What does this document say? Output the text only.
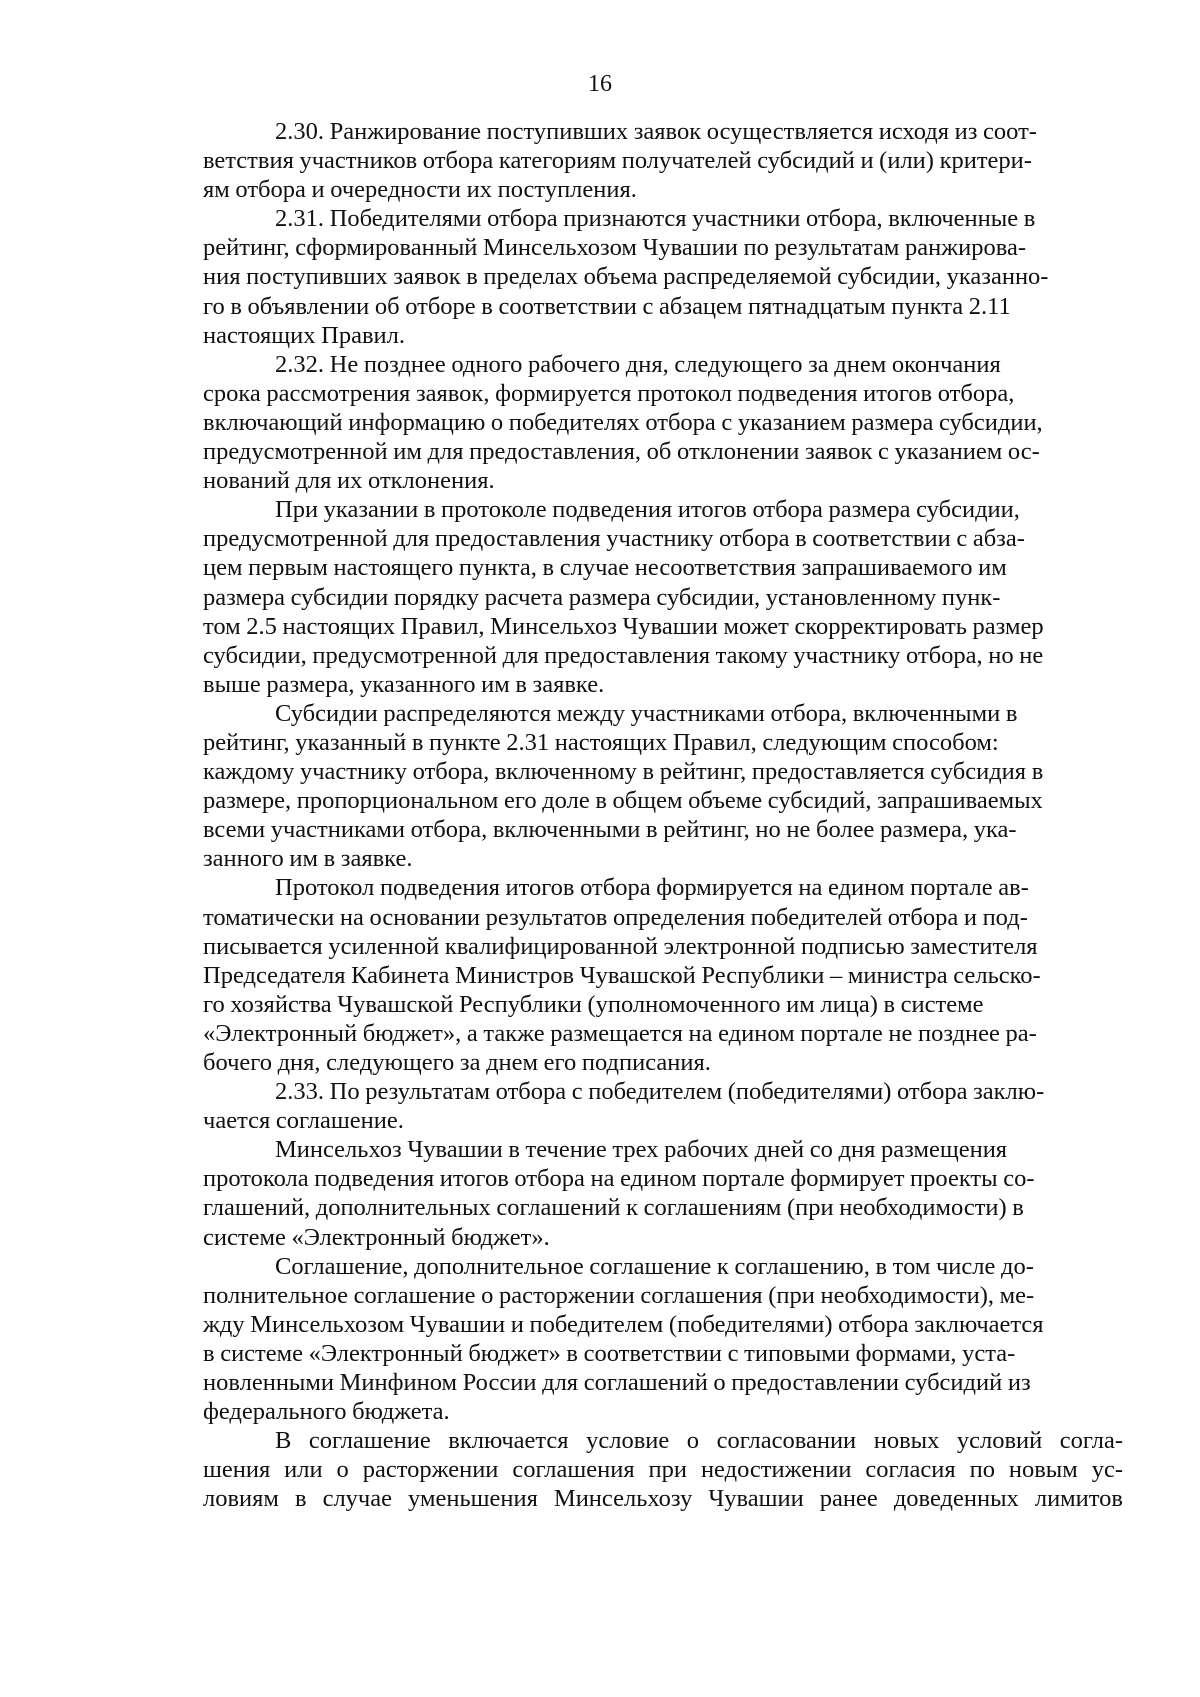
16

2.30. Ранжирование поступивших заявок осуществляется исходя из соот-
ветствия участников отбора категориям получателей субсидий и (или) критери-
ям отбора и очередности их поступления.

2.31. Победителями отбора признаются участники отбора, включенные в
рейтинг, сформированный Минсельхозом Чувашии по результатам ранжирова-
ния поступивших заявок в пределах объема распределяемой субсидии, указанно-
го в объявлении об отборе в соответствии с абзацем пятнадцатым пункта 2.11
настоящих Правил.

2.32. Не позднее одного рабочего дня, следующего за днем окончания
срока рассмотрения заявок, формируется протокол подведения итогов отбора,
включающий информацию о победителях отбора с указанием размера субсидии,
предусмотренной им для предоставления, об отклонении заявок с указанием ос-
нований для их отклонения.

При указании в протоколе подведения итогов отбора размера субсидии,
предусмотренной для предоставления участнику отбора в соответствии с абза-
цем первым настоящего пункта, в случае несоответствия запрашиваемого им
размера субсидии порядку расчета размера субсидии, установленному пунк-
том 2.5 настоящих Правил, Минсельхоз Чувашии может скорректировать размер
субсидии, предусмотренной для предоставления такому участнику отбора, но не
выше размера, указанного им в заявке.

Субсидии распределяются между участниками отбора, включенными в
рейтинг, указанный в пункте 2.31 настоящих Правил, следующим способом:
каждому участнику отбора, включенному в рейтинг, предоставляется субсидия в
размере, пропорциональном его доле в общем объеме субсидий, запрашиваемых
всеми участниками отбора, включенными в рейтинг, но не более размера, ука-
занного им в заявке.

Протокол подведения итогов отбора формируется на едином портале ав-
томатически на основании результатов определения победителей отбора и под-
писывается усиленной квалифицированной электронной подписью заместителя
Председателя Кабинета Министров Чувашской Республики – министра сельско-
го хозяйства Чувашской Республики (уполномоченного им лица) в системе
«Электронный бюджет», а также размещается на едином портале не позднее ра-
бочего дня, следующего за днем его подписания.

2.33. По результатам отбора с победителем (победителями) отбора заклю-
чается соглашение.

Минсельхоз Чувашии в течение трех рабочих дней со дня размещения
протокола подведения итогов отбора на едином портале формирует проекты со-
глашений, дополнительных соглашений к соглашениям (при необходимости) в
системе «Электронный бюджет».

Соглашение, дополнительное соглашение к соглашению, в том числе до-
полнительное соглашение о расторжении соглашения (при необходимости), ме-
жду Минсельхозом Чувашии и победителем (победителями) отбора заключается
в системе «Электронный бюджет» в соответствии с типовыми формами, уста-
новленными Минфином России для соглашений о предоставлении субсидий из
федерального бюджета.

В соглашение включается условие о согласовании новых условий согла-
шения или о расторжении соглашения при недостижении согласия по новым ус-
ловиям в случае уменьшения Минсельхозу Чувашии ранее доведенных лимитов
